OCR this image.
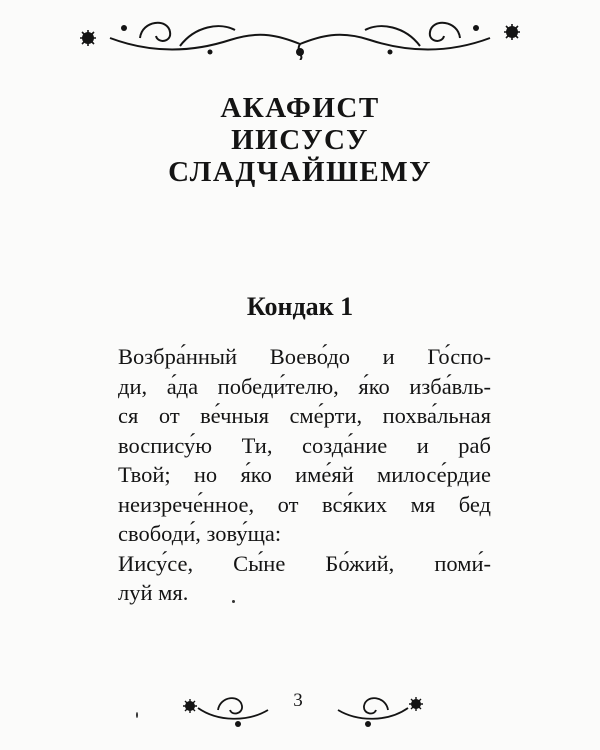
АКАФИСТ
ИИСУСУ
СЛАДЧАЙШЕМУ
Кондак 1
Возбра́нный Воево́до и Го́спо-
ди, а́да победи́телю, я́ко изба́вль-
ся от ве́чныя сме́рти, похва́льная
воспису́ю Ти, созда́ние и раб
Твой; но я́ко име́яй милосе́рдие
неизрече́нное, от вся́ких мя бед
свободи́, зову́ща:
Иису́се, Сы́не Бо́жий, поми́-
луй мя.
3
